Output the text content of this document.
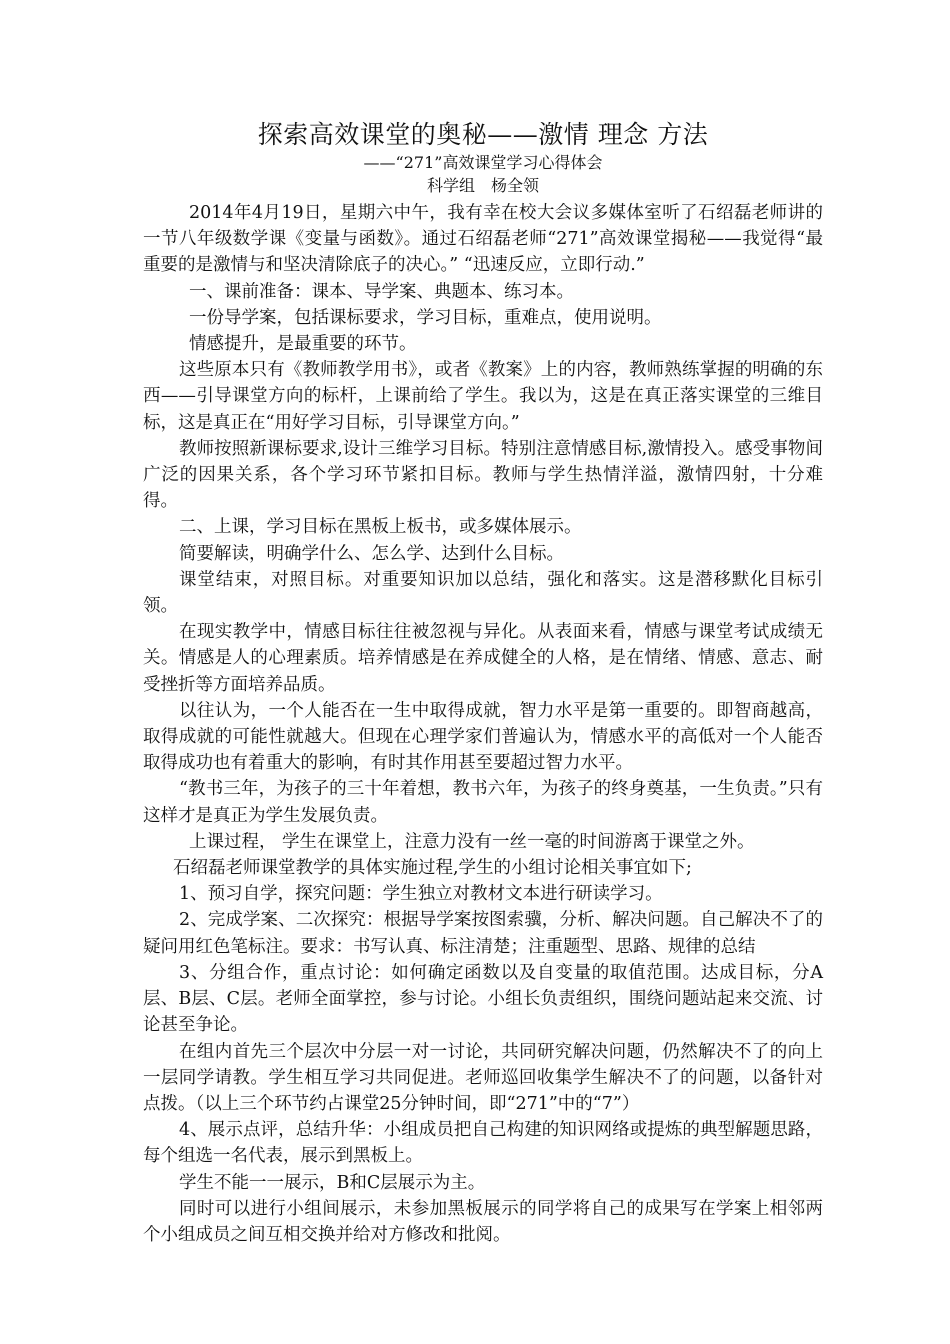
探索高效课堂的奥秘——激情 理念 方法

——“271”高效课堂学习心得体会

科学组　杨全领

2014年4月19日，星期六中午，我有幸在校大会议多媒体室听了石绍磊老师讲的一节八年级数学课《变量与函数》。通过石绍磊老师“271”高效课堂揭秘——我觉得“最重要的是激情与和坚决清除底子的决心。” “迅速反应，立即行动.”

一、课前准备：课本、导学案、典题本、练习本。

一份导学案，包括课标要求，学习目标，重难点，使用说明。

情感提升，是最重要的环节。

这些原本只有《教师教学用书》，或者《教案》上的内容，教师熟练掌握的明确的东西——引导课堂方向的标杆，上课前给了学生。我以为，这是在真正落实课堂的三维目标，这是真正在“用好学习目标，引导课堂方向。”

教师按照新课标要求,设计三维学习目标。特别注意情感目标,激情投入。感受事物间广泛的因果关系，各个学习环节紧扣目标。教师与学生热情洋溢，激情四射，十分难得。

二、上课，学习目标在黑板上板书，或多媒体展示。

简要解读，明确学什么、怎么学、达到什么目标。

课堂结束，对照目标。对重要知识加以总结，强化和落实。这是潜移默化目标引领。

在现实教学中，情感目标往往被忽视与异化。从表面来看，情感与课堂考试成绩无关。情感是人的心理素质。培养情感是在养成健全的人格，是在情绪、情感、意志、耐受挫折等方面培养品质。

以往认为，一个人能否在一生中取得成就，智力水平是第一重要的。即智商越高，取得成就的可能性就越大。但现在心理学家们普遍认为，情感水平的高低对一个人能否取得成功也有着重大的影响，有时其作用甚至要超过智力水平。

“教书三年，为孩子的三十年着想，教书六年，为孩子的终身奠基，一生负责。”只有这样才是真正为学生发展负责。

上课过程， 学生在课堂上，注意力没有一丝一毫的时间游离于课堂之外。

石绍磊老师课堂教学的具体实施过程,学生的小组讨论相关事宜如下;

1、预习自学，探究问题：学生独立对教材文本进行研读学习。

2、完成学案、二次探究：根据导学案按图索骥，分析、解决问题。自己解决不了的疑问用红色笔标注。要求：书写认真、标注清楚；注重题型、思路、规律的总结

3、分组合作，重点讨论：如何确定函数以及自变量的取值范围。达成目标，分A层、B层、C层。老师全面掌控，参与讨论。小组长负责组织，围绕问题站起来交流、讨论甚至争论。

在组内首先三个层次中分层一对一讨论，共同研究解决问题，仍然解决不了的向上一层同学请教。学生相互学习共同促进。老师巡回收集学生解决不了的问题，以备针对点拨。（以上三个环节约占课堂25分钟时间，即“271”中的“7”）

4、展示点评，总结升华：小组成员把自己构建的知识网络或提炼的典型解题思路，每个组选一名代表，展示到黑板上。

学生不能一一展示，B和C层展示为主。

同时可以进行小组间展示，未参加黑板展示的同学将自己的成果写在学案上相邻两个小组成员之间互相交换并给对方修改和批阅。
